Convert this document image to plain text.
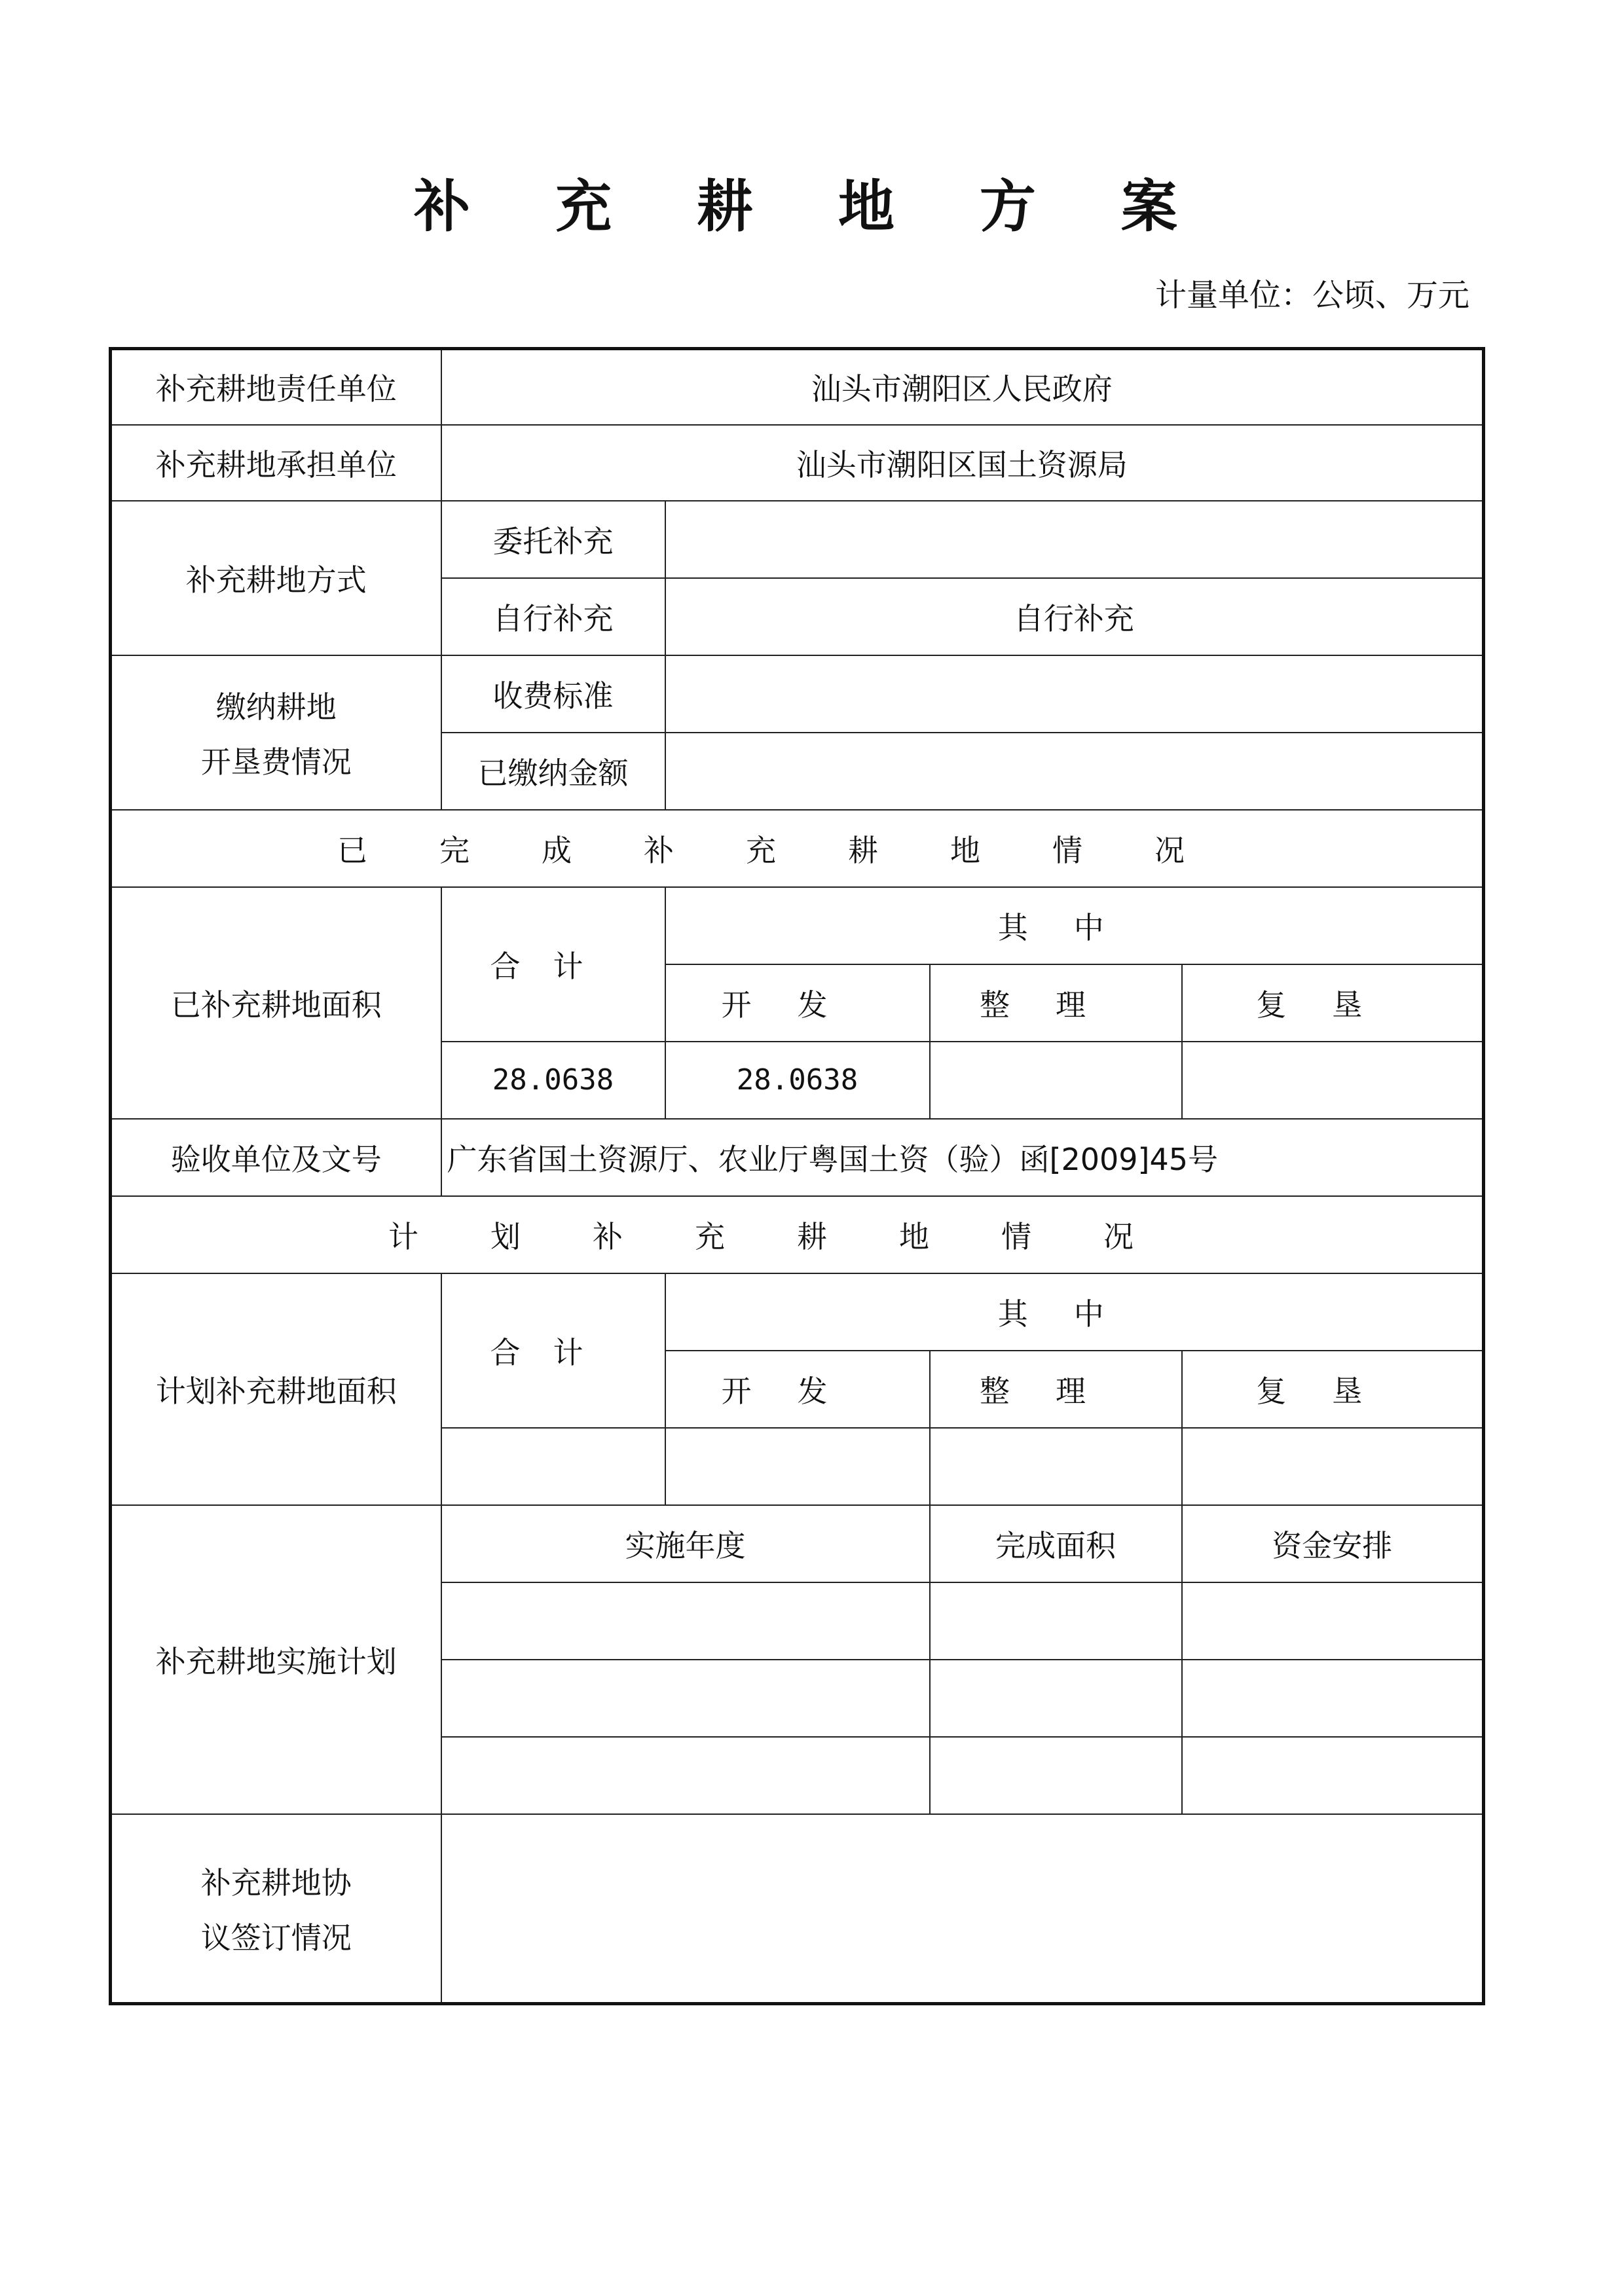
补 充 耕 地 方 案
计量单位：公顷、万元
补充耕地责任单位	汕头市潮阳区人民政府			
补充耕地承担单位	汕头市潮阳区国土资源局			
补充耕地方式	委托补充			
	自行补充	自行补充		

缴纳耕地
开垦费情况	收费标准			
	已缴纳金额			
已完成补充耕地情况				
已补充耕地面积	合计	其中		
		开发	整理	复垦
	28.0638	28.0638		
验收单位及文号	广东省国土资源厅、农业厅粤国土资（验）函[2009]45号			
计划补充耕地情况				
计划补充耕地面积	合计	其中		
		开发	整理	复垦

补充耕地实施计划	实施年度		完成面积	资金安排

补充耕地协
议签订情况				
